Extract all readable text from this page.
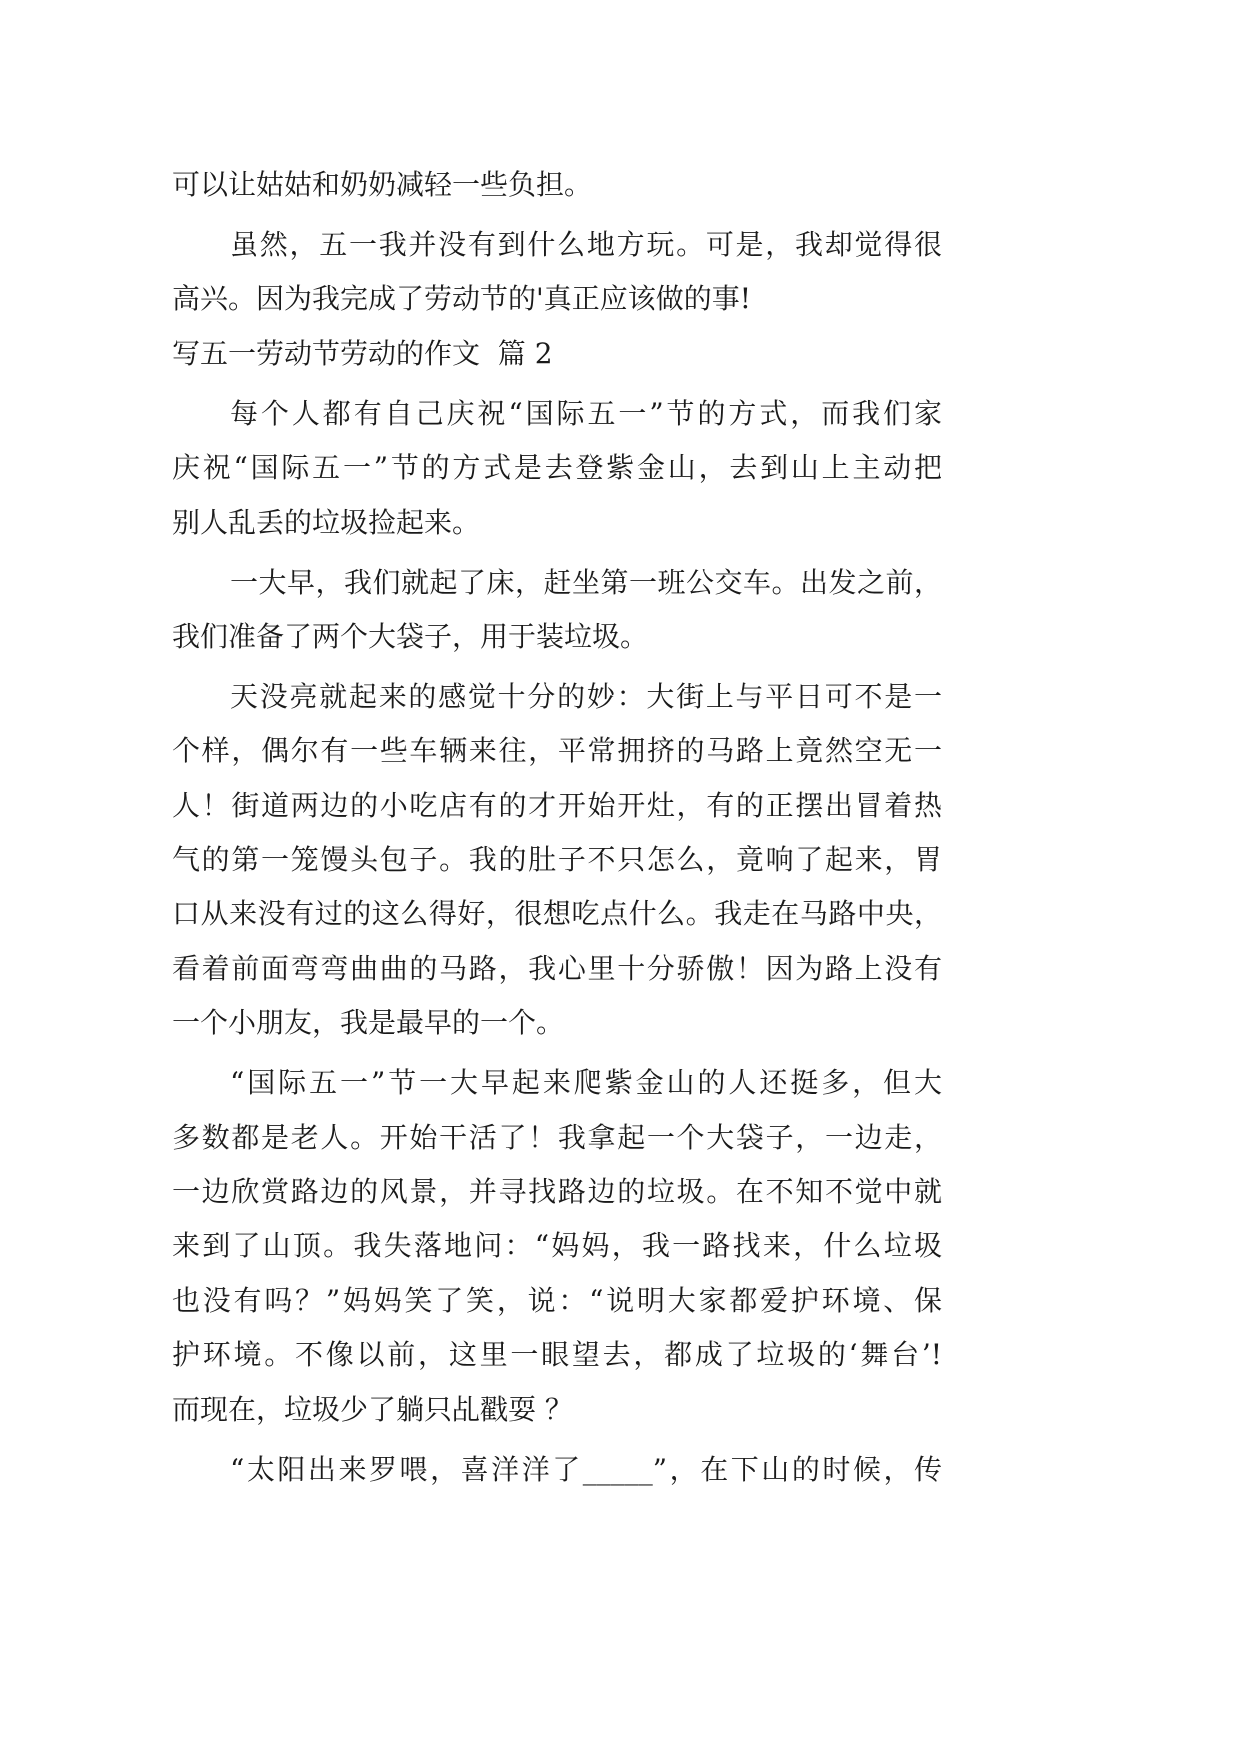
可以让姑姑和奶奶减轻一些负担。
虽然，五一我并没有到什么地方玩。可是，我却觉得很
高兴。因为我完成了劳动节的'真正应该做的事!
写五一劳动节劳动的作文  篇 2
每个人都有自己庆祝“国际五一”节的方式，而我们家
庆祝“国际五一”节的方式是去登紫金山，去到山上主动把
别人乱丢的垃圾捡起来。
一大早，我们就起了床，赶坐第一班公交车。出发之前，
我们准备了两个大袋子，用于装垃圾。
天没亮就起来的感觉十分的妙：大街上与平日可不是一
个样，偶尔有一些车辆来往，平常拥挤的马路上竟然空无一
人！街道两边的小吃店有的才开始开灶，有的正摆出冒着热
气的第一笼馒头包子。我的肚子不只怎么，竟响了起来，胃
口从来没有过的这么得好，很想吃点什么。我走在马路中央，
看着前面弯弯曲曲的马路，我心里十分骄傲！因为路上没有
一个小朋友，我是最早的一个。
“国际五一”节一大早起来爬紫金山的人还挺多，但大
多数都是老人。开始干活了！我拿起一个大袋子，一边走，
一边欣赏路边的风景，并寻找路边的垃圾。在不知不觉中就
来到了山顶。我失落地问：“妈妈，我一路找来，什么垃圾
也没有吗？”妈妈笑了笑，说：“说明大家都爱护环境、保
护环境。不像以前，这里一眼望去，都成了垃圾的‘舞台’!
而现在，垃圾少了躺只乩戳耍 ？
“太阳出来罗喂，喜洋洋了_____”，在下山的时候，传
